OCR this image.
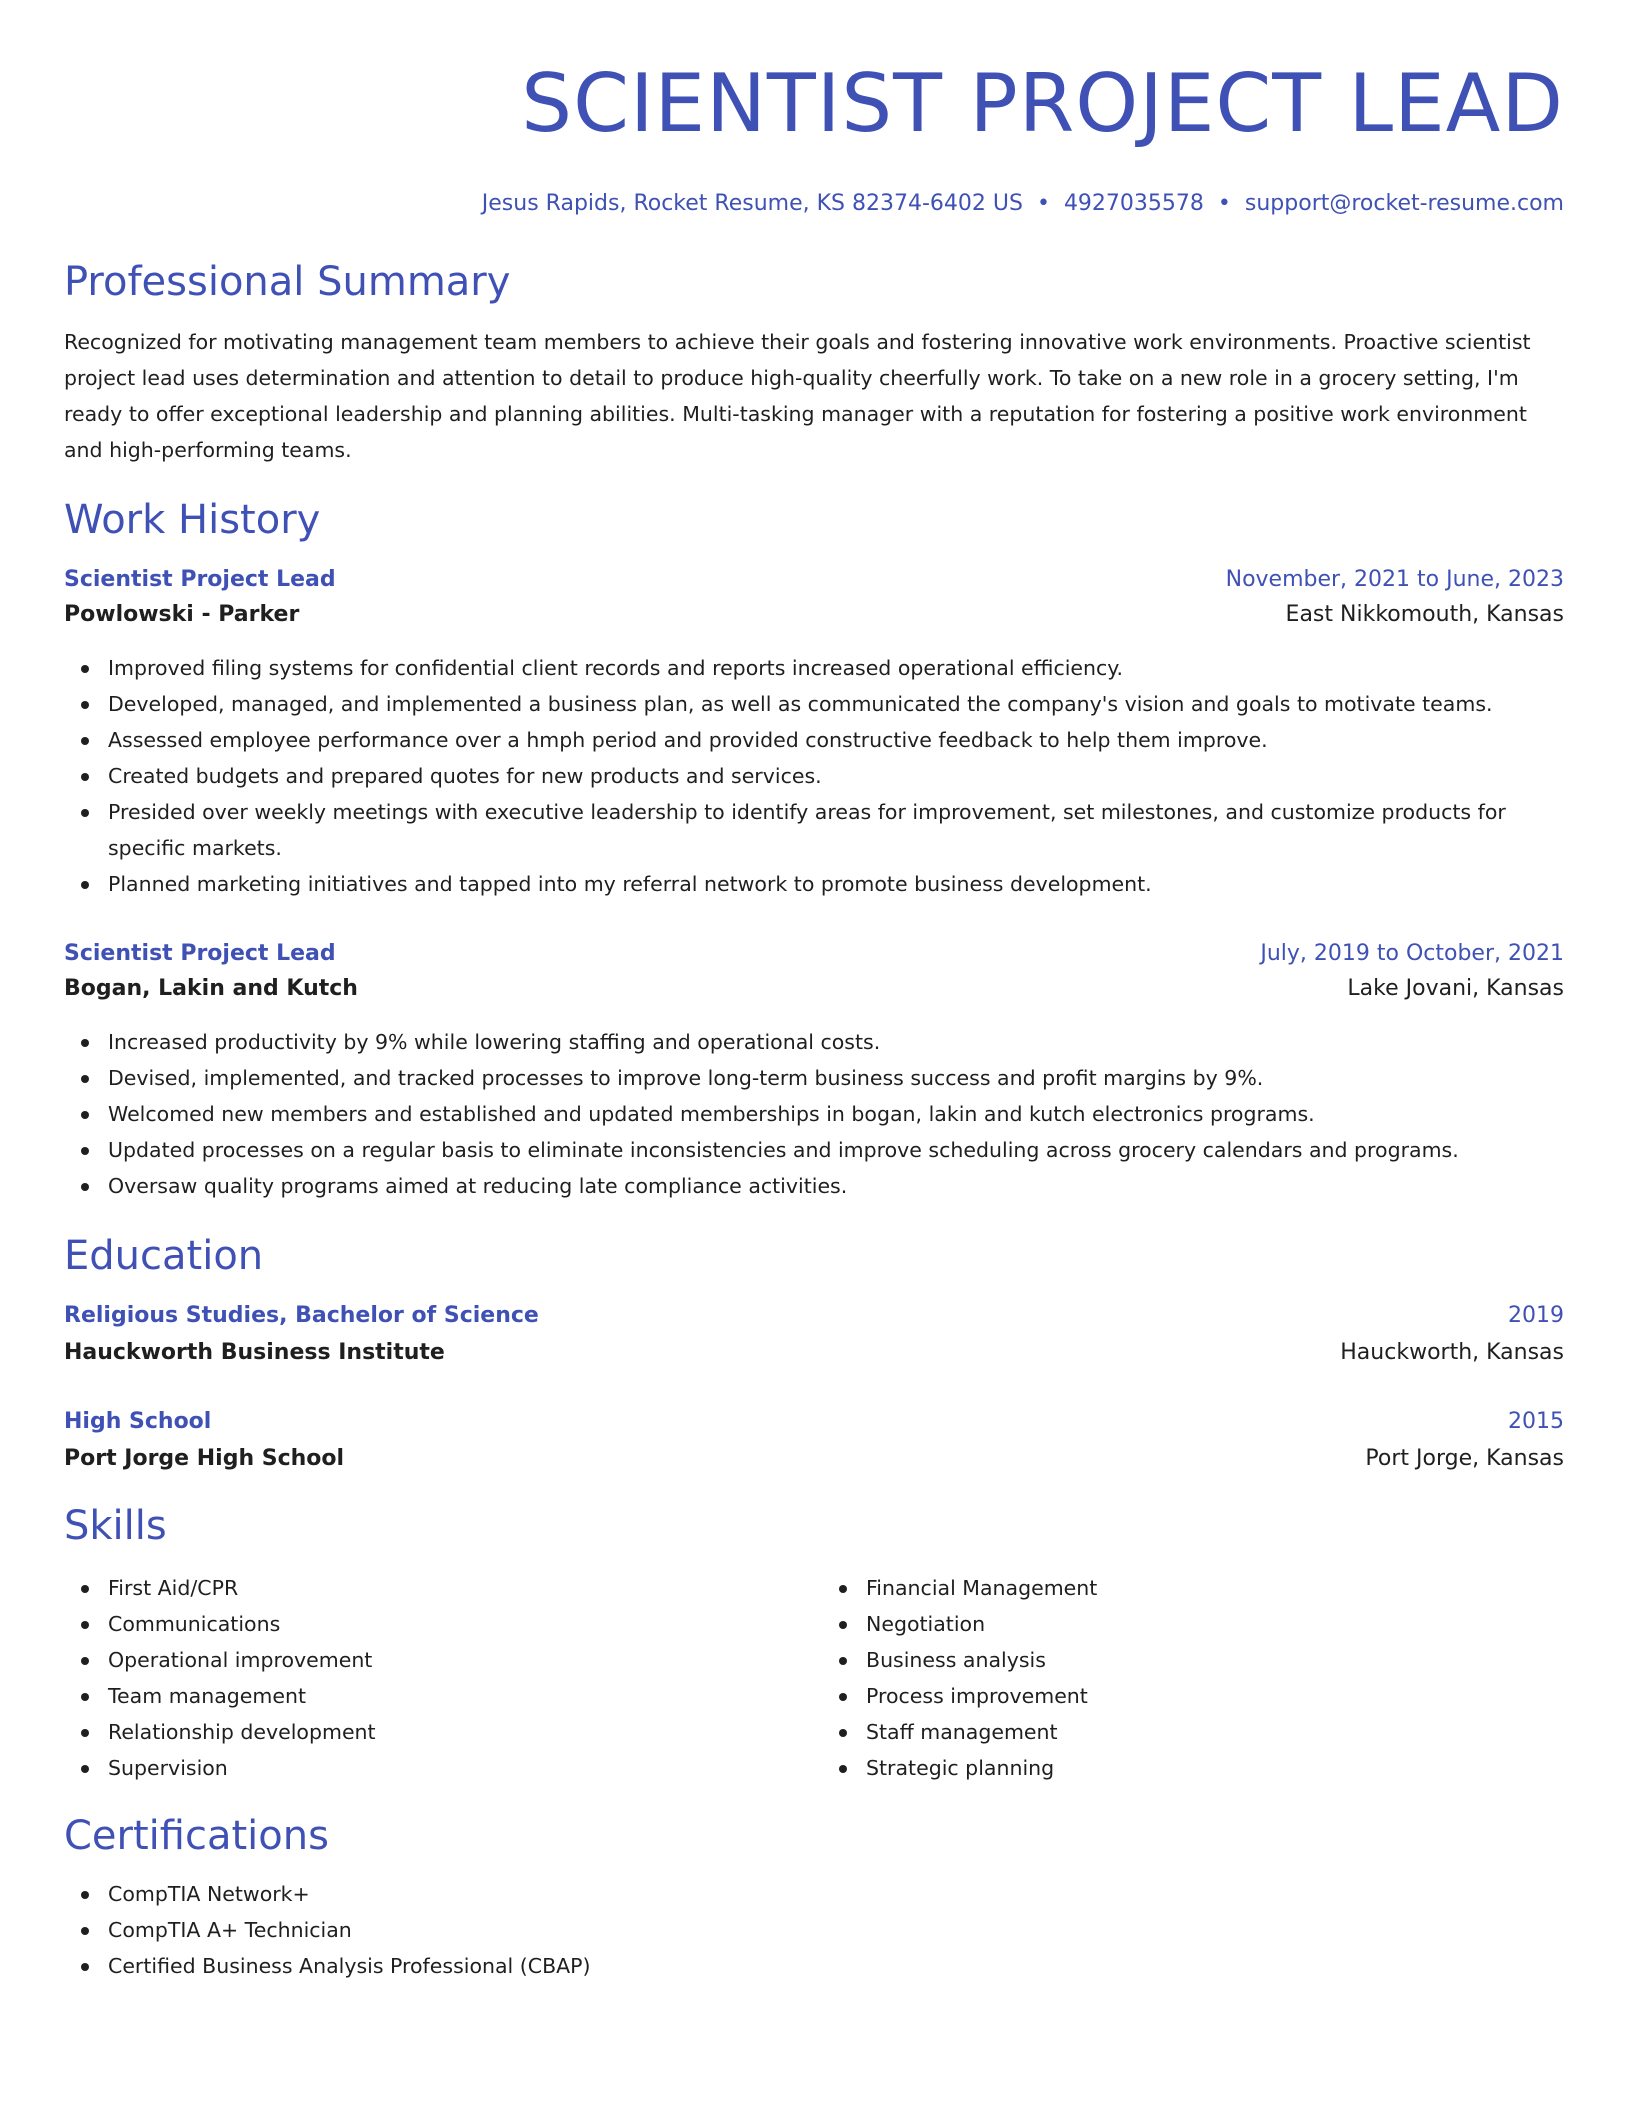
SCIENTIST PROJECT LEAD
Jesus Rapids, Rocket Resume, KS 82374-6402 US • 4927035578 • support@rocket-resume.com
Professional Summary

Recognized for motivating management team members to achieve their goals and fostering innovative work environments. Proactive scientist project lead uses determination and attention to detail to produce high-quality cheerfully work. To take on a new role in a grocery setting, I'm ready to offer exceptional leadership and planning abilities. Multi-tasking manager with a reputation for fostering a positive work environment and high-performing teams.

Work History
Scientist Project Lead	November, 2021 to June, 2023
Powlowski - Parker	East Nikkomouth, Kansas
Improved filing systems for confidential client records and reports increased operational efficiency.
Developed, managed, and implemented a business plan, as well as communicated the company's vision and goals to motivate teams.
Assessed employee performance over a hmph period and provided constructive feedback to help them improve.
Created budgets and prepared quotes for new products and services.
Presided over weekly meetings with executive leadership to identify areas for improvement, set milestones, and customize products for specific markets.
Planned marketing initiatives and tapped into my referral network to promote business development.
Scientist Project Lead	July, 2019 to October, 2021
Bogan, Lakin and Kutch	Lake Jovani, Kansas
Increased productivity by 9% while lowering staffing and operational costs.
Devised, implemented, and tracked processes to improve long-term business success and profit margins by 9%.
Welcomed new members and established and updated memberships in bogan, lakin and kutch electronics programs.
Updated processes on a regular basis to eliminate inconsistencies and improve scheduling across grocery calendars and programs.
Oversaw quality programs aimed at reducing late compliance activities.
Education
Religious Studies, Bachelor of Science	2019
Hauckworth Business Institute	Hauckworth, Kansas
High School	2015
Port Jorge High School	Port Jorge, Kansas
Skills
First Aid/CPR
Communications
Operational improvement
Team management
Relationship development
Supervision
Financial Management
Negotiation
Business analysis
Process improvement
Staff management
Strategic planning
Certifications
CompTIA Network+
CompTIA A+ Technician
Certified Business Analysis Professional (CBAP)
